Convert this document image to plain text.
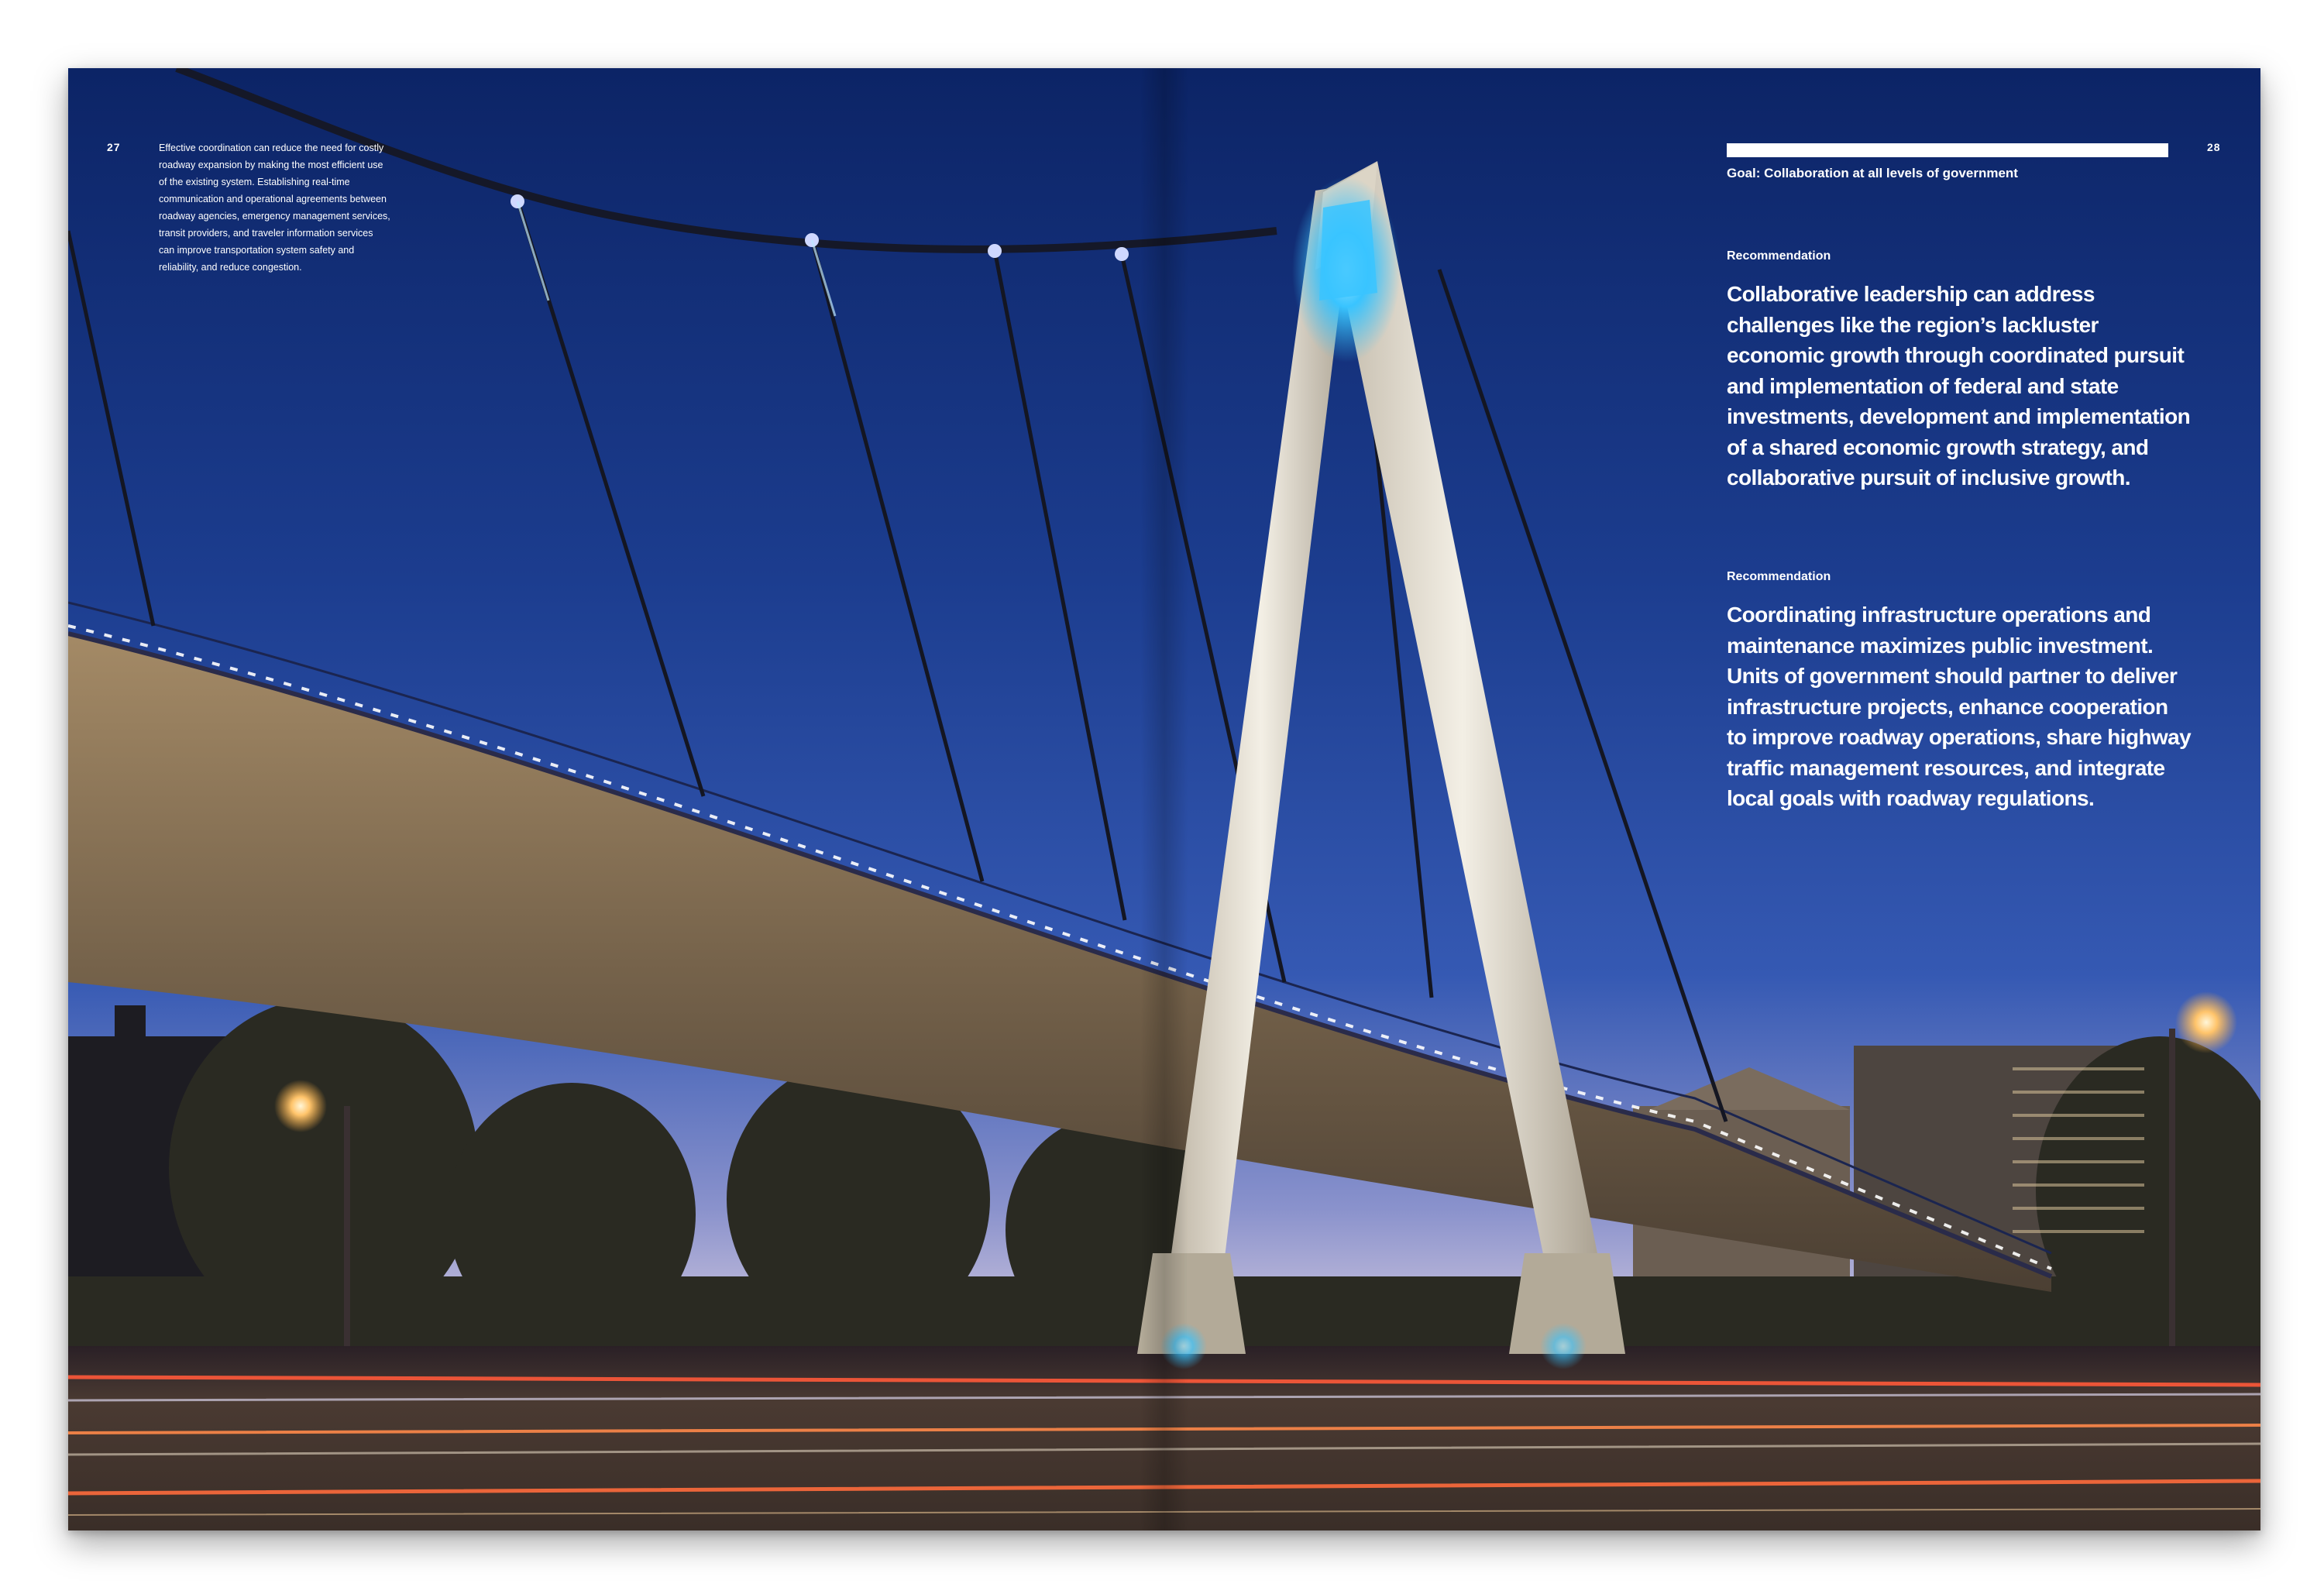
27	Effective coordination can reduce the need for costly roadway expansion by making the most efficient use of the existing system. Establishing real-time communication and operational agreements between roadway agencies, emergency management services, transit providers, and traveler information services can improve transportation system safety and reliability, and reduce congestion.
28
Goal: Collaboration at all levels of government
Recommendation
Collaborative leadership can address challenges like the region’s lackluster economic growth through coordinated pursuit and implementation of federal and state investments, development and implementation of a shared economic growth strategy, and collaborative pursuit of inclusive growth.
Recommendation
Coordinating infrastructure operations and maintenance maximizes public investment. Units of government should partner to deliver infrastructure projects, enhance cooperation to improve roadway operations, share highway traffic management resources, and integrate local goals with roadway regulations.
